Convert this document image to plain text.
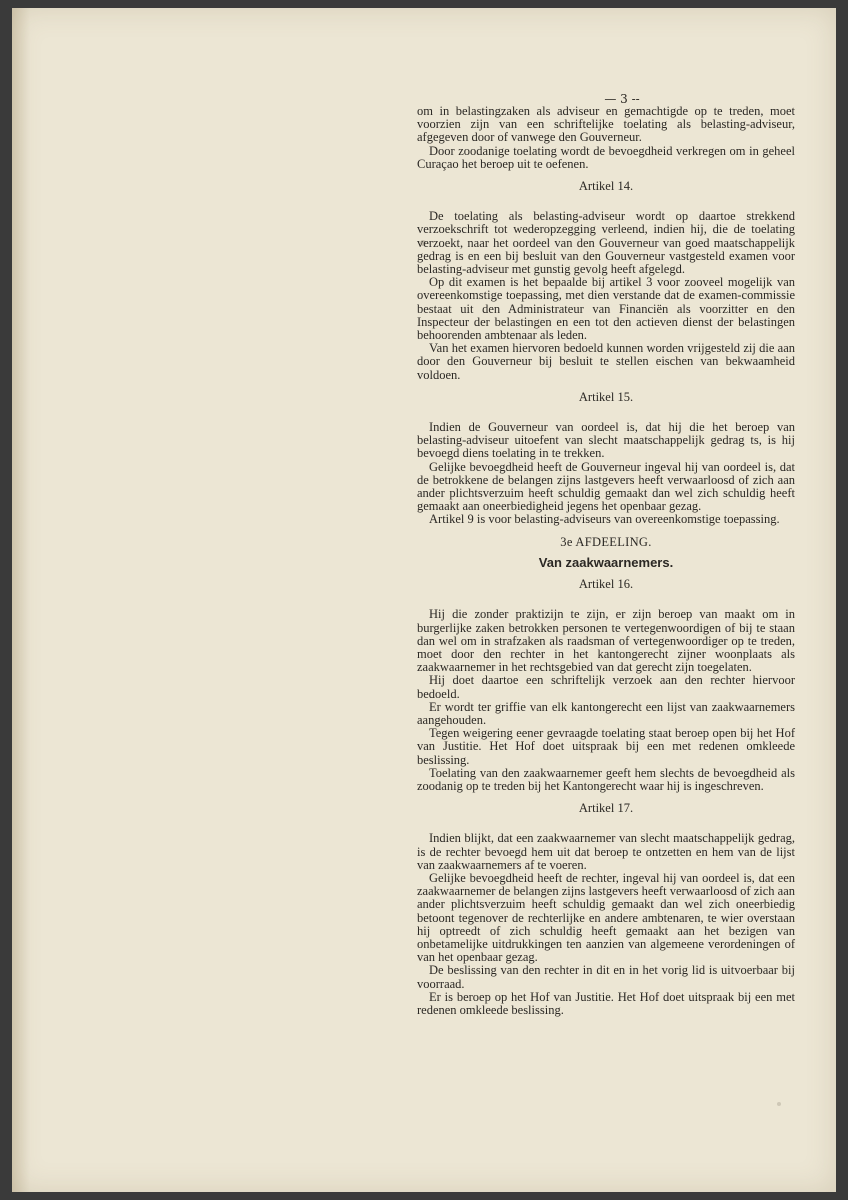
— 3 --

om in belastingzaken als adviseur en gemachtigde op te treden, moet voorzien zijn van een schriftelijke toelating als belasting-adviseur, afgegeven door of vanwege den Gouverneur.

Door zoodanige toelating wordt de bevoegdheid verkregen om in geheel Curaçao het beroep uit te oefenen.

Artikel 14.

De toelating als belasting-adviseur wordt op daartoe strekkend verzoekschrift tot wederopzegging verleend, indien hij, die de toelating verzoekt, naar het oordeel van den Gouverneur van goed maatschappelijk gedrag is en een bij besluit van den Gouverneur vastgesteld examen voor belasting-adviseur met gunstig gevolg heeft afgelegd.

Op dit examen is het bepaalde bij artikel 3 voor zooveel mogelijk van overeenkomstige toepassing, met dien verstande dat de examen-commissie bestaat uit den Administrateur van Financiën als voorzitter en den Inspecteur der belastingen en een tot den actieven dienst der belastingen behoorenden ambtenaar als leden.

Van het examen hiervoren bedoeld kunnen worden vrijgesteld zij die aan door den Gouverneur bij besluit te stellen eischen van bekwaamheid voldoen.

Artikel 15.

Indien de Gouverneur van oordeel is, dat hij die het beroep van belasting-adviseur uitoefent van slecht maatschappelijk gedrag ts, is hij bevoegd diens toelating in te trekken.

Gelijke bevoegdheid heeft de Gouverneur ingeval hij van oordeel is, dat de betrokkene de belangen zijns lastgevers heeft verwaarloosd of zich aan ander plichtsverzuim heeft schuldig gemaakt dan wel zich schuldig heeft gemaakt aan oneerbiedigheid jegens het openbaar gezag.

Artikel 9 is voor belasting-adviseurs van overeenkomstige toepassing.

3e AFDEELING.
Van zaakwaarnemers.
Artikel 16.

Hij die zonder praktizijn te zijn, er zijn beroep van maakt om in burgerlijke zaken betrokken personen te vertegenwoordigen of bij te staan dan wel om in strafzaken als raadsman of vertegenwoordiger op te treden, moet door den rechter in het kantongerecht zijner woonplaats als zaakwaarnemer in het rechtsgebied van dat gerecht zijn toegelaten.

Hij doet daartoe een schriftelijk verzoek aan den rechter hiervoor bedoeld.

Er wordt ter griffie van elk kantongerecht een lijst van zaakwaarnemers aangehouden.

Tegen weigering eener gevraagde toelating staat beroep open bij het Hof van Justitie. Het Hof doet uitspraak bij een met redenen omkleede beslissing.

Toelating van den zaakwaarnemer geeft hem slechts de bevoegdheid als zoodanig op te treden bij het Kantongerecht waar hij is ingeschreven.

Artikel 17.

Indien blijkt, dat een zaakwaarnemer van slecht maatschappelijk gedrag, is de rechter bevoegd hem uit dat beroep te ontzetten en hem van de lijst van zaakwaarnemers af te voeren.

Gelijke bevoegdheid heeft de rechter, ingeval hij van oordeel is, dat een zaakwaarnemer de belangen zijns lastgevers heeft verwaarloosd of zich aan ander plichtsverzuim heeft schuldig gemaakt dan wel zich oneerbiedig betoont tegenover de rechterlijke en andere ambtenaren, te wier overstaan hij optreedt of zich schuldig heeft gemaakt aan het bezigen van onbetamelijke uitdrukkingen ten aanzien van algemeene verordeningen of van het openbaar gezag.

De beslissing van den rechter in dit en in het vorig lid is uitvoerbaar bij voorraad.

Er is beroep op het Hof van Justitie. Het Hof doet uitspraak bij een met redenen omkleede beslissing.
